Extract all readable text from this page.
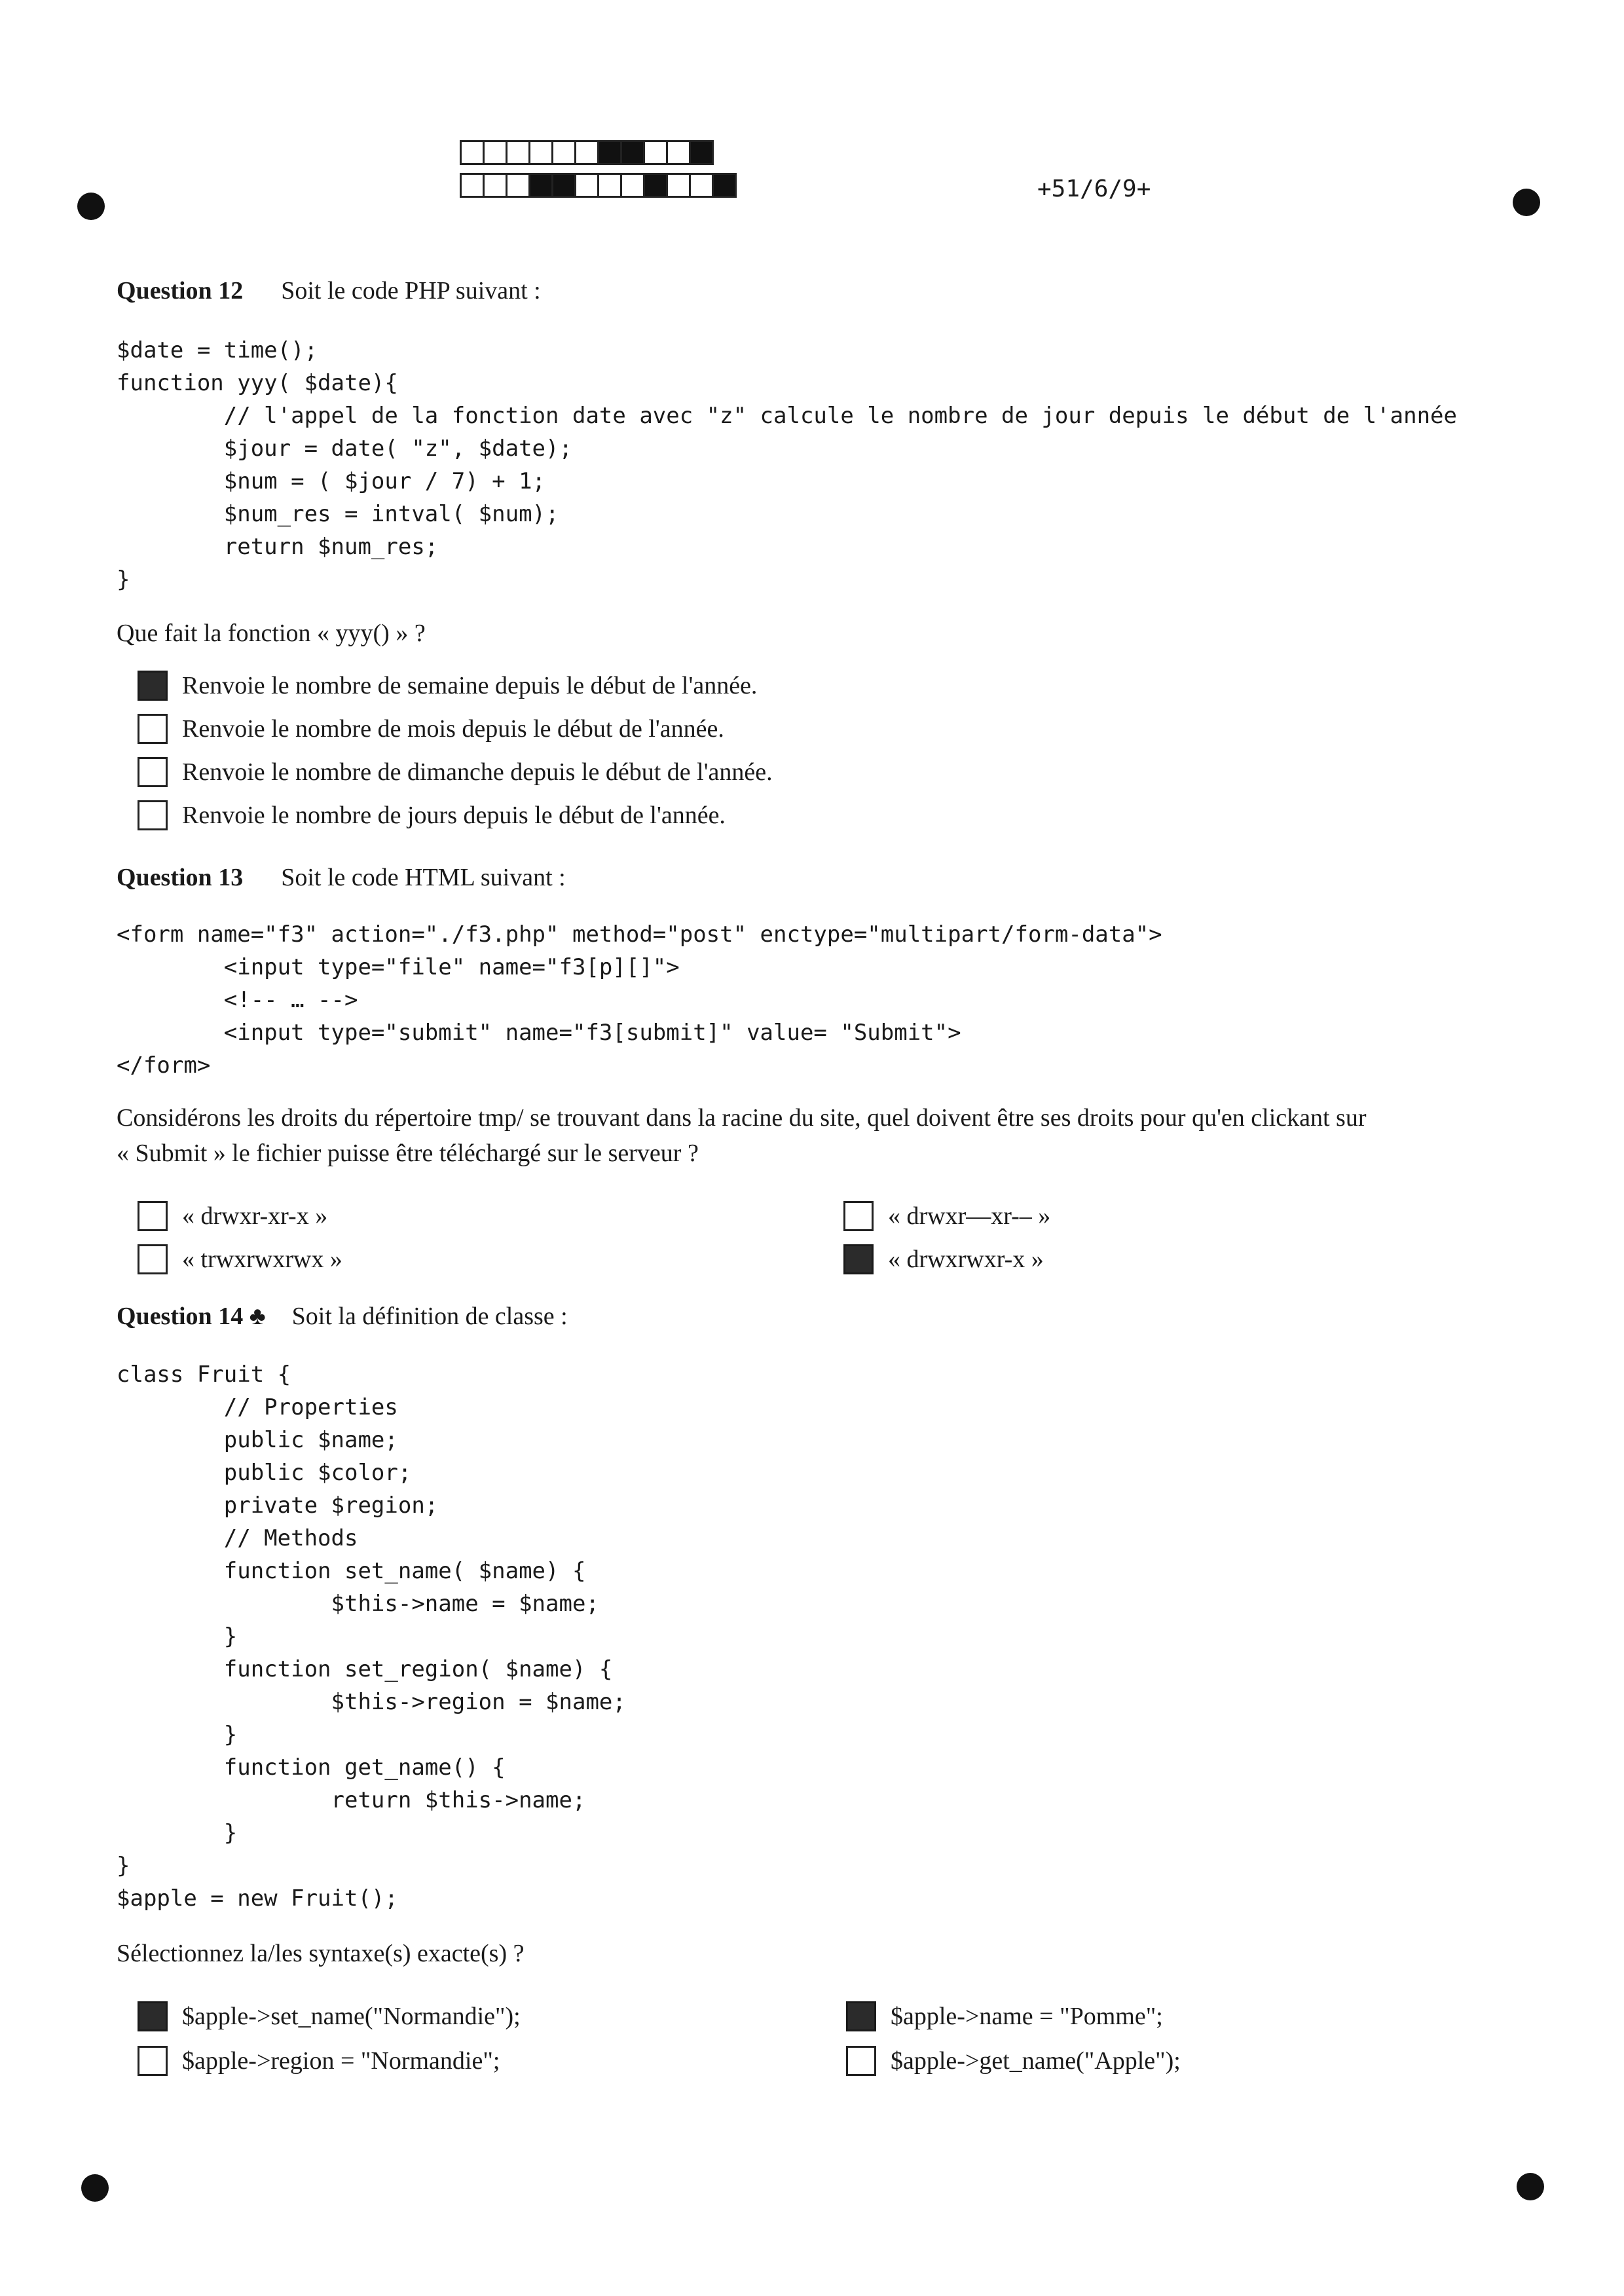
+51/6/9+
Question 12 Soit le code PHP suivant :
$date = time();
function yyy( $date){
// l'appel de la fonction date avec "z" calcule le nombre de jour depuis le début de l'année
$jour = date( "z", $date);
$num = ( $jour / 7) + 1;
$num_res = intval( $num);
return $num_res;
}
Que fait la fonction « yyy() » ?
Renvoie le nombre de semaine depuis le début de l'année.
Renvoie le nombre de mois depuis le début de l'année.
Renvoie le nombre de dimanche depuis le début de l'année.
Renvoie le nombre de jours depuis le début de l'année.
Question 13 Soit le code HTML suivant :
<form name="f3" action="./f3.php" method="post" enctype="multipart/form-data">
<input type="file" name="f3[p][]">
<!-- … -->
<input type="submit" name="f3[submit]" value= "Submit">
</form>
Considérons les droits du répertoire tmp/ se trouvant dans la racine du site, quel doivent être ses droits pour qu'en clickant sur
« Submit » le fichier puisse être téléchargé sur le serveur ?
« drwxr-xr-x »	« drwxr—xr-– »
« trwxrwxrwx »	« drwxrwxr-x »
Question 14 ♣ Soit la définition de classe :
class Fruit {
// Properties
public $name;
public $color;
private $region;
// Methods
function set_name( $name) {
$this->name = $name;
}
function set_region( $name) {
$this->region = $name;
}
function get_name() {
return $this->name;
}
}
$apple = new Fruit();
Sélectionnez la/les syntaxe(s) exacte(s) ?
$apple->set_name("Normandie");	$apple->name = "Pomme";
$apple->region = "Normandie";	$apple->get_name("Apple");
